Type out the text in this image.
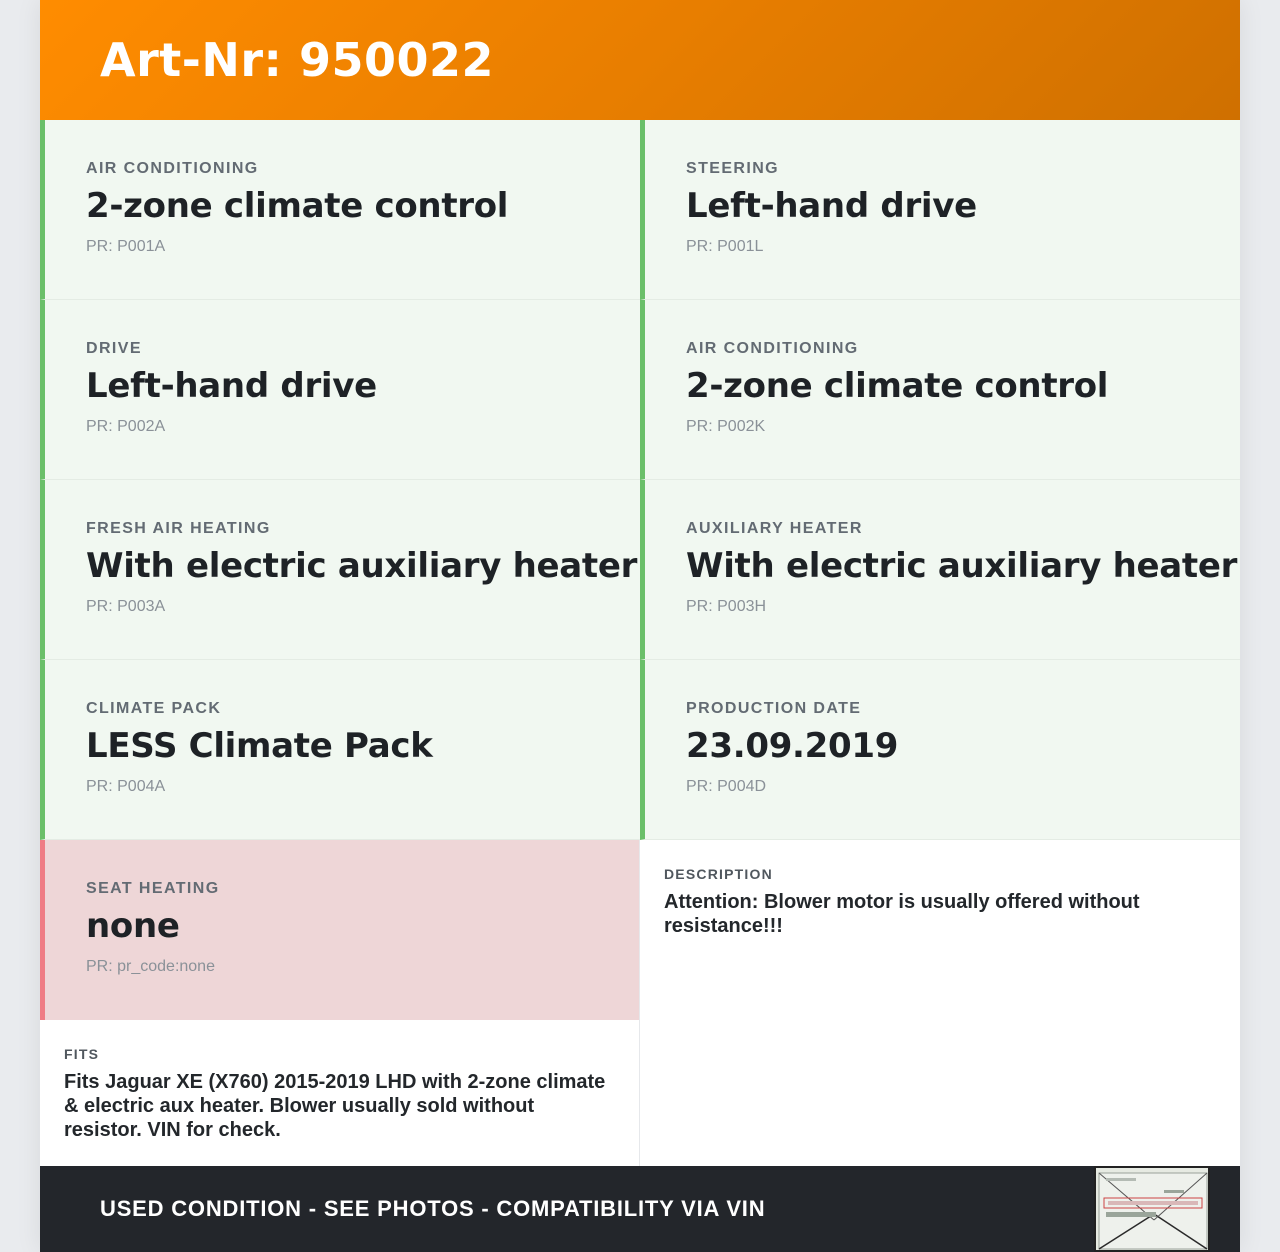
Art-Nr: 950022
AIR CONDITIONING
2-zone climate control
PR: P001A
STEERING
Left-hand drive
PR: P001L
DRIVE
Left-hand drive
PR: P002A
AIR CONDITIONING
2-zone climate control
PR: P002K
FRESH AIR HEATING
With electric auxiliary heater
PR: P003A
AUXILIARY HEATER
With electric auxiliary heater
PR: P003H
CLIMATE PACK
LESS Climate Pack
PR: P004A
PRODUCTION DATE
23.09.2019
PR: P004D
SEAT HEATING
none
PR: pr_code:none
FITS
Fits Jaguar XE (X760) 2015-2019 LHD with 2-zone climate & electric aux heater. Blower usually sold without resistor. VIN for check.
DESCRIPTION
Attention: Blower motor is usually offered without resistance!!!
USED CONDITION - SEE PHOTOS - COMPATIBILITY VIA VIN
